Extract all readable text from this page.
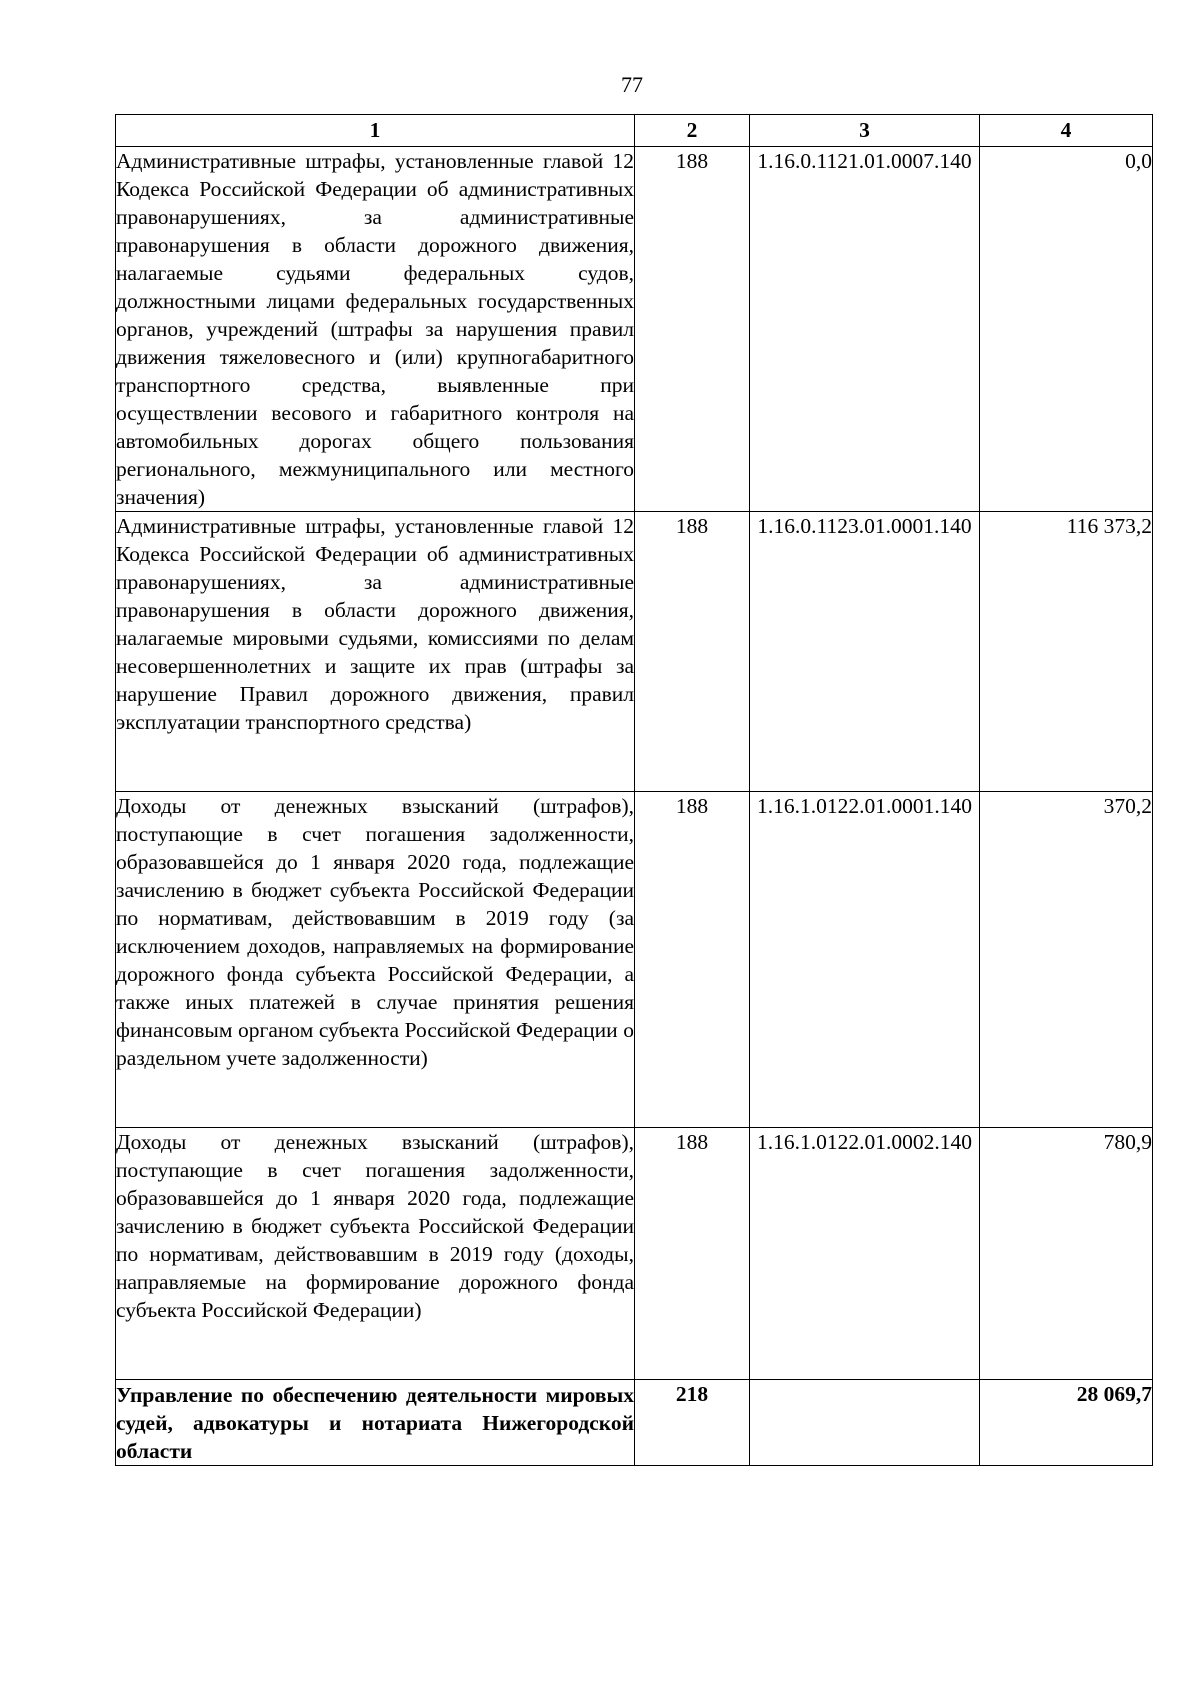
77
1	2	3	4
Административные штрафы, установленные главой 12 Кодекса Российской Федерации об административных правонарушениях, за административные правонарушения в области дорожного движения, налагаемые судьями федеральных судов, должностными лицами федеральных государственных органов, учреждений (штрафы за нарушения правил движения тяжеловесного и (или) крупногабаритного транспортного средства, выявленные при осуществлении весового и габаритного контроля на автомобильных дорогах общего пользования регионального, межмуниципального или местного значения)	188	1.16.0.1121.01.0007.140	0,0
Административные штрафы, установленные главой 12 Кодекса Российской Федерации об административных правонарушениях, за административные правонарушения в области дорожного движения, налагаемые мировыми судьями, комиссиями по делам несовершеннолетних и защите их прав (штрафы за нарушение Правил дорожного движения, правил эксплуатации транспортного средства)	188	1.16.0.1123.01.0001.140	116 373,2
Доходы от денежных взысканий (штрафов), поступающие в счет погашения задолженности, образовавшейся до 1 января 2020 года, подлежащие зачислению в бюджет субъекта Российской Федерации по нормативам, действовавшим в 2019 году (за исключением доходов, направляемых на формирование дорожного фонда субъекта Российской Федерации, а также иных платежей в случае принятия решения финансовым органом субъекта Российской Федерации о раздельном учете задолженности)	188	1.16.1.0122.01.0001.140	370,2
Доходы от денежных взысканий (штрафов), поступающие в счет погашения задолженности, образовавшейся до 1 января 2020 года, подлежащие зачислению в бюджет субъекта Российской Федерации по нормативам, действовавшим в 2019 году (доходы, направляемые на формирование дорожного фонда субъекта Российской Федерации)	188	1.16.1.0122.01.0002.140	780,9
Управление по обеспечению деятельности мировых судей, адвокатуры и нотариата Нижегородской области	218		28 069,7
